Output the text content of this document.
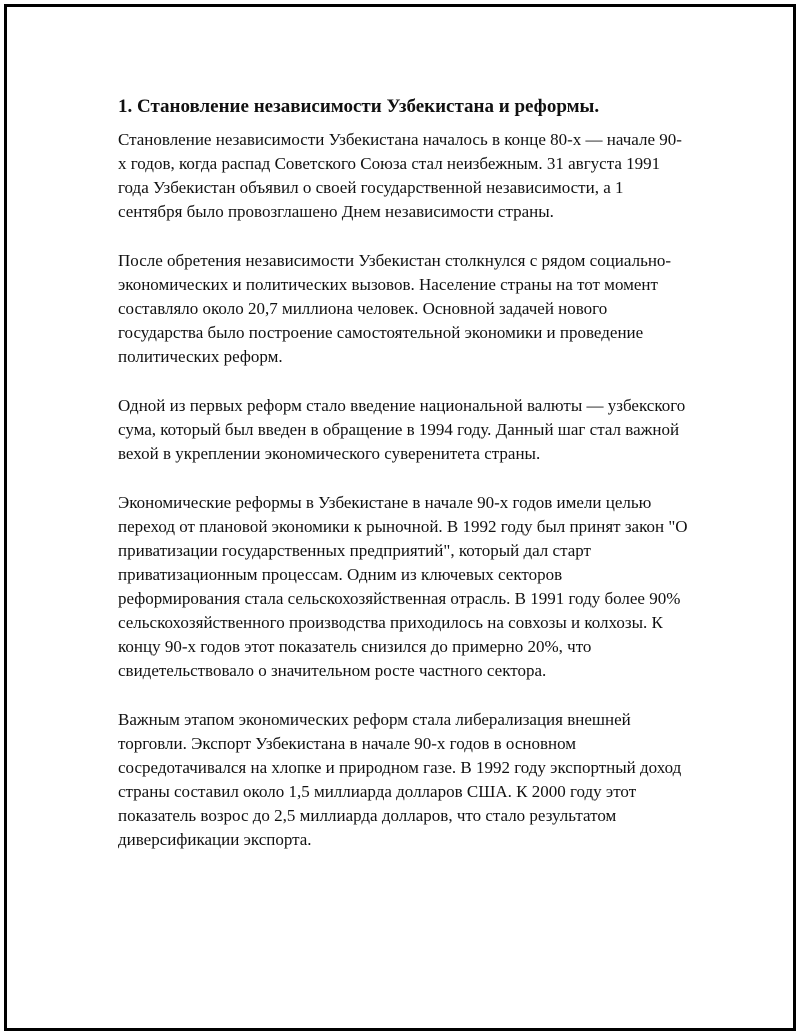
1. Становление независимости Узбекистана и реформы.

Становление независимости Узбекистана началось в конце 80-х — начале 90-х годов, когда распад Советского Союза стал неизбежным. 31 августа 1991 года Узбекистан объявил о своей государственной независимости, а 1 сентября было провозглашено Днем независимости страны.

После обретения независимости Узбекистан столкнулся с рядом социально-экономических и политических вызовов. Население страны на тот момент составляло около 20,7 миллиона человек. Основной задачей нового государства было построение самостоятельной экономики и проведение политических реформ.

Одной из первых реформ стало введение национальной валюты — узбекского сума, который был введен в обращение в 1994 году. Данный шаг стал важной вехой в укреплении экономического суверенитета страны.

Экономические реформы в Узбекистане в начале 90-х годов имели целью переход от плановой экономики к рыночной. В 1992 году был принят закон "О приватизации государственных предприятий", который дал старт приватизационным процессам. Одним из ключевых секторов реформирования стала сельскохозяйственная отрасль. В 1991 году более 90% сельскохозяйственного производства приходилось на совхозы и колхозы. К концу 90-х годов этот показатель снизился до примерно 20%, что свидетельствовало о значительном росте частного сектора.

Важным этапом экономических реформ стала либерализация внешней торговли. Экспорт Узбекистана в начале 90-х годов в основном сосредотачивался на хлопке и природном газе. В 1992 году экспортный доход страны составил около 1,5 миллиарда долларов США. К 2000 году этот показатель возрос до 2,5 миллиарда долларов, что стало результатом диверсификации экспорта.
